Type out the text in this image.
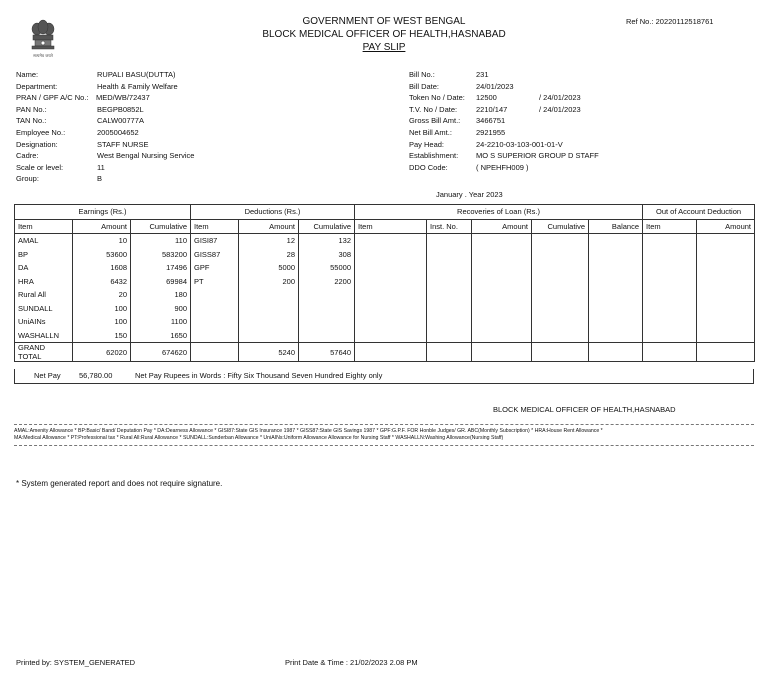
सत्यमेव जयते
GOVERNMENT OF WEST BENGAL
BLOCK MEDICAL OFFICER OF HEALTH,HASNABAD
PAY SLIP
Ref No.: 20220112518761
Name:	RUPALI BASU(DUTTA)
Department:	Health & Family Welfare
PRAN / GPF A/C No.: MED/WB/72437
PAN No.:	BEGPB0852L
TAN No.:	CALW00777A
Employee No.:	2005004652
Designation:	STAFF NURSE
Cadre:	West Bengal Nursing Service
Scale or level:	11
Group:	B
Bill No.:	231
Bill Date:	24/01/2023
Token No / Date: 12500	/ 24/01/2023
T.V. No / Date:	2210/147	/ 24/01/2023
Gross Bill Amt.: 3466751
Net Bill Amt.:	2921955
Pay Head:	24-2210-03-103-001-01-V
Establishment: MO S SUPERIOR GROUP D STAFF
DDO Code:	( NPEHFH009 )
January . Year 2023
Earnings (Rs.)			Deductions (Rs.)			Recoveries of Loan (Rs.)					Out of Account Deduction	
Item	Amount	Cumulative	Item	Amount	Cumulative	Item	Inst. No.	Amount	Cumulative	Balance	Item	Amount
AMAL	10	110	GISI87	12	132							
BP	53600	583200	GISS87	28	308							
DA	1608	17496	GPF	5000	55000							
HRA	6432	69984	PT	200	2200							
Rural All	20	180										
SUNDALL	100	900										
UniAINs	100	1100										
WASHALLN	150	1650										
GRAND TOTAL	62020	674620		5240	57640							
Net Pay 56,780.00	Net Pay Rupees in Words : Fifty Six Thousand Seven Hundred Eighty only
BLOCK MEDICAL OFFICER OF HEALTH,HASNABAD
AMAL:Amenity Allowance * BP:Basic/ Band/ Deputation Pay * DA:Dearness Allowance * GISI87:State GIS Insurance 1987 * GISS87:State GIS Savings 1987 * GPF:G.P.F. FOR Honble Judges/ GR. ABC(Monthly Subscription) * HRA:House Rent Allowance *
MA:Medical Allowance * PT:Professional tax * Rural All:Rural Allowance * SUNDALL:Sunderban Allowance * UniAINs:Uniform Allowance Allowance for Nursing Staff * WASHALLN:Washing Allowance(Nursing Staff)
* System generated report and does not require signature.
Printed by: SYSTEM_GENERATED	Print Date & Time : 21/02/2023 2.08 PM
